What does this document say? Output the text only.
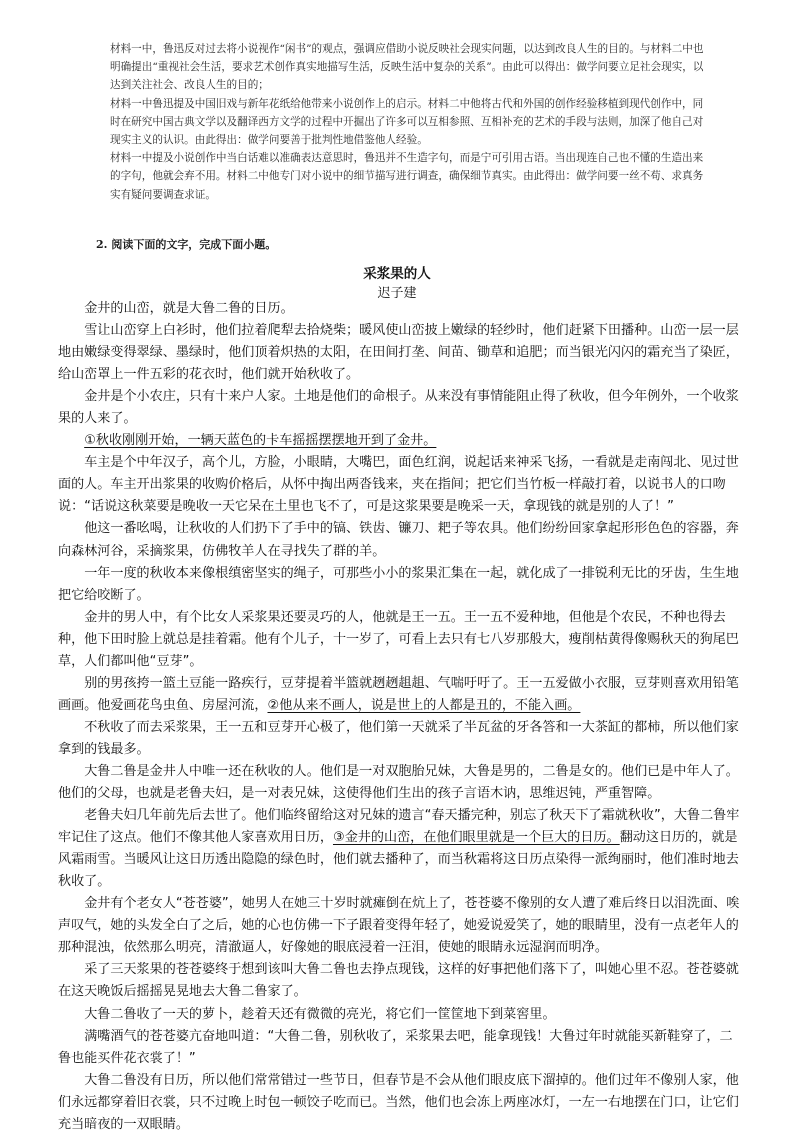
材料一中，鲁迅反对过去将小说视作“闲书”的观点，强调应借助小说反映社会现实问题，以达到改良人生的目的。与材料二中也明确提出“重视社会生活，要求艺术创作真实地描写生活，反映生活中复杂的关系”。由此可以得出：做学问要立足社会现实，以达到关注社会、改良人生的目的；

材料一中鲁迅提及中国旧戏与新年花纸给他带来小说创作上的启示。材料二中他将古代和外国的创作经验移植到现代创作中，同时在研究中国古典文学以及翻译西方文学的过程中开掘出了许多可以互相参照、互相补充的艺术的手段与法则，加深了他自己对现实主义的认识。由此得出：做学问要善于批判性地借鉴他人经验。

材料一中提及小说创作中当白话难以准确表达意思时，鲁迅并不生造字句，而是宁可引用古语。当出现连自己也不懂的生造出来的字句，他就会弃不用。材料二中他专门对小说中的细节描写进行调查，确保细节真实。由此得出：做学问要一丝不苟、求真务实有疑问要调查求证。

2. 阅读下面的文字，完成下面小题。
采浆果的人
迟子建

金井的山峦，就是大鲁二鲁的日历。

雪让山峦穿上白衫时，他们拉着爬犁去拾烧柴；暖风使山峦披上嫩绿的轻纱时，他们赶紧下田播种。山峦一层一层地由嫩绿变得翠绿、墨绿时，他们顶着炽热的太阳，在田间打垄、间苗、锄草和追肥；而当银光闪闪的霜充当了染匠，给山峦罩上一件五彩的花衣时，他们就开始秋收了。

金井是个小农庄，只有十来户人家。土地是他们的命根子。从来没有事情能阻止得了秋收，但今年例外，一个收浆果的人来了。

①秋收刚刚开始，一辆天蓝色的卡车摇摇摆摆地开到了金井。

车主是个中年汉子，高个儿，方脸，小眼睛，大嘴巴，面色红润，说起话来神采飞扬，一看就是走南闯北、见过世面的人。车主开出浆果的收购价格后，从怀中掏出两沓钱来，夹在指间；把它们当竹板一样敲打着，以说书人的口吻说：“话说这秋菜要是晚收一天它呆在土里也飞不了，可是这浆果要是晚采一天，拿现钱的就是别的人了！”

他这一番吆喝，让秋收的人们扔下了手中的镐、铁齿、镰刀、耙子等农具。他们纷纷回家拿起形形色色的容器，奔向森林河谷，采摘浆果，仿佛牧羊人在寻找失了群的羊。

一年一度的秋收本来像根缜密坚实的绳子，可那些小小的浆果汇集在一起，就化成了一排锐利无比的牙齿，生生地把它给咬断了。

金井的男人中，有个比女人采浆果还要灵巧的人，他就是王一五。王一五不爱种地，但他是个农民，不种也得去种，他下田时脸上就总是挂着霜。他有个儿子，十一岁了，可看上去只有七八岁那般大，瘦削枯黄得像赐秋天的狗尾巴草，人们都叫他“豆芽”。

别的男孩挎一篮土豆能一路疾行，豆芽提着半篮就趔趔趄趄、气喘吁吁了。王一五爱做小衣服，豆芽则喜欢用铅笔画画。他爱画花鸟虫鱼、房屋河流，②他从来不画人，说是世上的人都是丑的，不能入画。

不秋收了而去采浆果，王一五和豆芽开心极了，他们第一天就采了半瓦盆的牙各答和一大茶缸的都柿，所以他们家拿到的钱最多。

大鲁二鲁是金井人中唯一还在秋收的人。他们是一对双胞胎兄妹，大鲁是男的，二鲁是女的。他们已是中年人了。他们的父母，也就是老鲁夫妇，是一对表兄妹，这使得他们生出的孩子言语木讷，思维迟钝，严重智障。

老鲁夫妇几年前先后去世了。他们临终留给这对兄妹的遗言“春天播完种，别忘了秋天下了霜就秋收”，大鲁二鲁牢牢记住了这点。他们不像其他人家喜欢用日历，③金井的山峦，在他们眼里就是一个巨大的日历。翻动这日历的，就是风霜雨雪。当暖风让这日历透出隐隐的绿色时，他们就去播种了，而当秋霜将这日历点染得一派绚丽时，他们准时地去秋收了。

金井有个老女人“苍苍婆”，她男人在她三十岁时就瘫倒在炕上了，苍苍婆不像别的女人遭了难后终日以泪洗面、唉声叹气，她的头发全白了之后，她的心也仿佛一下子跟着变得年轻了，她爱说爱笑了，她的眼睛里，没有一点老年人的那种混浊，依然那么明亮，清澈逼人，好像她的眼底浸着一汪泪，使她的眼睛永远湿润而明净。

采了三天浆果的苍苍婆终于想到该叫大鲁二鲁也去挣点现钱，这样的好事把他们落下了，叫她心里不忍。苍苍婆就在这天晚饭后摇摇晃晃地去大鲁二鲁家了。

大鲁二鲁收了一天的萝卜，趁着天还有微微的亮光，将它们一筐筐地下到菜窖里。

满嘴酒气的苍苍婆亢奋地叫道：“大鲁二鲁，别秋收了，采浆果去吧，能拿现钱！大鲁过年时就能买新鞋穿了，二鲁也能买件花衣裳了！”

大鲁二鲁没有日历，所以他们常常错过一些节日，但春节是不会从他们眼皮底下溜掉的。他们过年不像别人家，他们永远都穿着旧衣裳，只不过晚上时包一顿饺子吃而已。当然，他们也会冻上两座冰灯，一左一右地摆在门口，让它们充当暗夜的一双眼睛。
